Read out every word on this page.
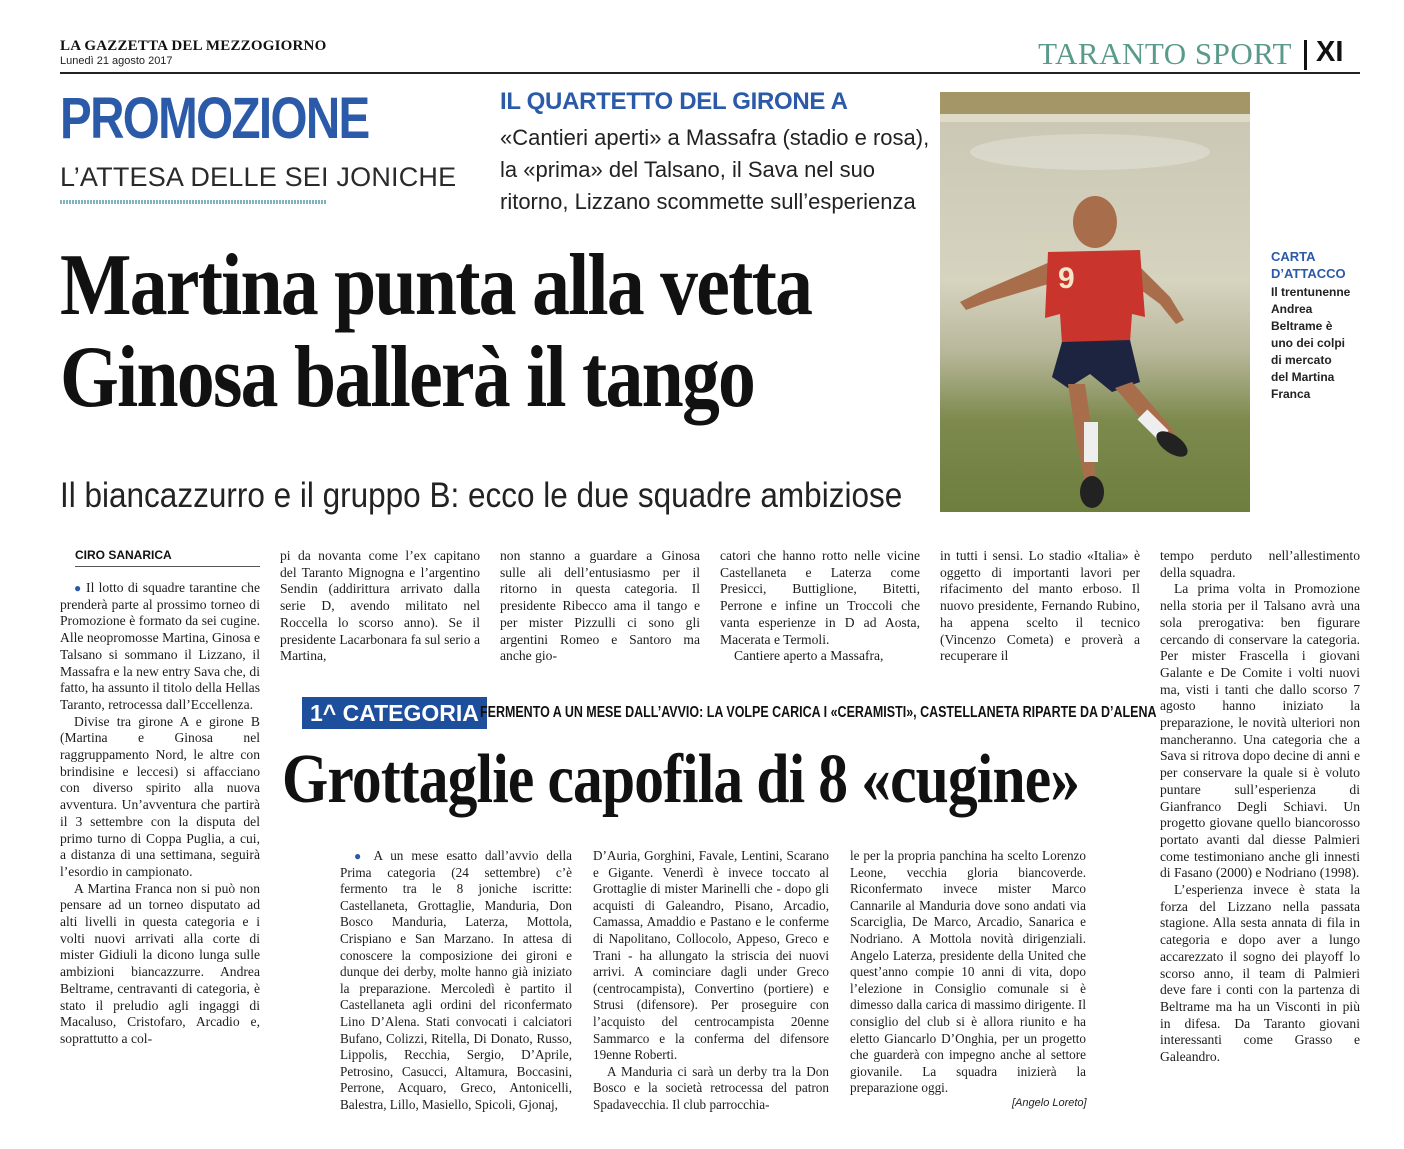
LA GAZZETTA DEL MEZZOGIORNO
Lunedì 21 agosto 2017	TARANTO SPORT XI
PROMOZIONE
L’ATTESA DELLE SEI JONICHE
IL QUARTETTO DEL GIRONE A
«Cantieri aperti» a Massafra (stadio e rosa),
la «prima» del Talsano, il Sava nel suo
ritorno, Lizzano scommette sull’esperienza
Martina punta alla vetta
Ginosa ballerà il tango
Il biancazzurro e il gruppo B: ecco le due squadre ambiziose
9
CARTA
D’ATTACCO
Il trentunenne
Andrea
Beltrame è
uno dei colpi
di mercato
del Martina
Franca
CIRO SANARICA

● Il lotto di squadre tarantine che prenderà parte al prossimo torneo di Promozione è formato da sei cugine. Alle neopromosse Martina, Ginosa e Talsano si sommano il Lizzano, il Massafra e la new entry Sava che, di fatto, ha assunto il titolo della Hellas Taranto, retrocessa dall’Eccellenza.

Divise tra girone A e girone B (Martina e Ginosa nel raggruppamento Nord, le altre con brindisine e leccesi) si affacciano con diverso spirito alla nuova avventura. Un’avventura che partirà il 3 settembre con la disputa del primo turno di Coppa Puglia, a cui, a distanza di una settimana, seguirà l’esordio in campionato.

A Martina Franca non si può non pensare ad un torneo disputato ad alti livelli in questa categoria e i volti nuovi arrivati alla corte di mister Gidiuli la dicono lunga sulle ambizioni biancazzurre. Andrea Beltrame, centravanti di categoria, è stato il preludio agli ingaggi di Macaluso, Cristofaro, Arcadio e, soprattutto a col-

pi da novanta come l’ex capitano del Taranto Mignogna e l’argentino Sendin (addirittura arrivato dalla serie D, avendo militato nel Roccella lo scorso anno). Se il presidente Lacarbonara fa sul serio a Martina,

non stanno a guardare a Ginosa sulle ali dell’entusiasmo per il ritorno in questa categoria. Il presidente Ribecco ama il tango e per mister Pizzulli ci sono gli argentini Romeo e Santoro ma anche gio-

catori che hanno rotto nelle vicine Castellaneta e Laterza come Presicci, Buttiglione, Bitetti, Perrone e infine un Troccoli che vanta esperienze in D ad Aosta, Macerata e Termoli.

Cantiere aperto a Massafra,

in tutti i sensi. Lo stadio «Italia» è oggetto di importanti lavori per rifacimento del manto erboso. Il nuovo presidente, Fernando Rubino, ha appena scelto il tecnico (Vincenzo Cometa) e proverà a recuperare il

tempo perduto nell’allestimento della squadra.

La prima volta in Promozione nella storia per il Talsano avrà una sola prerogativa: ben figurare cercando di conservare la categoria. Per mister Frascella i giovani Galante e De Comite i volti nuovi ma, visti i tanti che dallo scorso 7 agosto hanno iniziato la preparazione, le novità ulteriori non mancheranno. Una categoria che a Sava si ritrova dopo decine di anni e per conservare la quale si è voluto puntare sull’esperienza di Gianfranco Degli Schiavi. Un progetto giovane quello biancorosso portato avanti dal diesse Palmieri come testimoniano anche gli innesti di Fasano (2000) e Nodriano (1998).

L’esperienza invece è stata la forza del Lizzano nella passata stagione. Alla sesta annata di fila in categoria e dopo aver a lungo accarezzato il sogno dei playoff lo scorso anno, il team di Palmieri deve fare i conti con la partenza di Beltrame ma ha un Visconti in più in difesa. Da Taranto giovani interessanti come Grasso e Galeandro.

1^ CATEGORIA FERMENTO A UN MESE DALL’AVVIO: LA VOLPE CARICA I «CERAMISTI», CASTELLANETA RIPARTE DA D’ALENA
Grottaglie capofila di 8 «cugine»

● A un mese esatto dall’avvio della Prima categoria (24 settembre) c’è fermento tra le 8 joniche iscritte: Castellaneta, Grottaglie, Manduria, Don Bosco Manduria, Laterza, Mottola, Crispiano e San Marzano. In attesa di conoscere la composizione dei gironi e dunque dei derby, molte hanno già iniziato la preparazione. Mercoledì è partito il Castellaneta agli ordini del riconfermato Lino D’Alena. Stati convocati i calciatori Bufano, Colizzi, Ritella, Di Donato, Russo, Lippolis, Recchia, Sergio, D’Aprile, Petrosino, Casucci, Altamura, Boccasini, Perrone, Acquaro, Greco, Antonicelli, Balestra, Lillo, Masiello, Spicoli, Gjonaj,

D’Auria, Gorghini, Favale, Lentini, Scarano e Gigante. Venerdì è invece toccato al Grottaglie di mister Marinelli che - dopo gli acquisti di Galeandro, Pisano, Arcadio, Camassa, Amaddio e Pastano e le conferme di Napolitano, Collocolo, Appeso, Greco e Trani - ha allungato la striscia dei nuovi arrivi. A cominciare dagli under Greco (centrocampista), Convertino (portiere) e Strusi (difensore). Per proseguire con l’acquisto del centrocampista 20enne Sammarco e la conferma del difensore 19enne Roberti.

A Manduria ci sarà un derby tra la Don Bosco e la società retrocessa del patron Spadavecchia. Il club parrocchia-

le per la propria panchina ha scelto Lorenzo Leone, vecchia gloria biancoverde. Riconfermato invece mister Marco Cannarile al Manduria dove sono andati via Scarciglia, De Marco, Arcadio, Sanarica e Nodriano. A Mottola novità dirigenziali. Angelo Laterza, presidente della United che quest’anno compie 10 anni di vita, dopo l’elezione in Consiglio comunale si è dimesso dalla carica di massimo dirigente. Il consiglio del club si è allora riunito e ha eletto Giancarlo D’Onghia, per un progetto che guarderà con impegno anche al settore giovanile. La squadra inizierà la preparazione oggi.

[Angelo Loreto]
